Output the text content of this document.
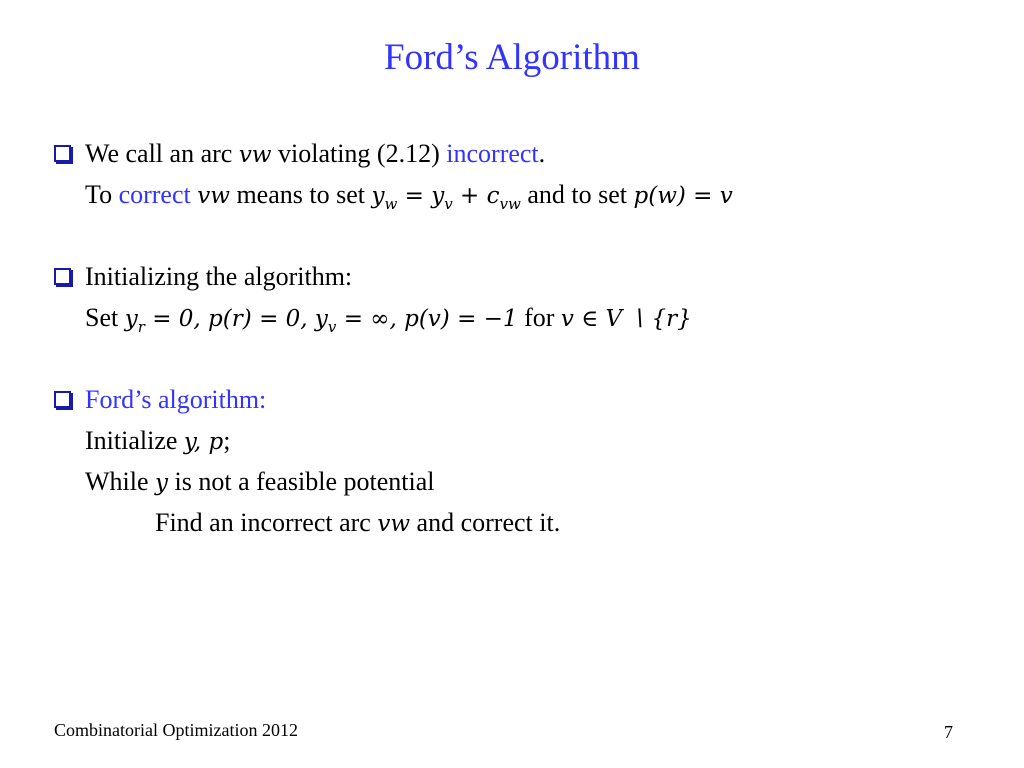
Ford’s Algorithm
We call an arc vw violating (2.12) incorrect.
To correct vw means to set $y_w = y_v + c_{vw}$ and to set p(w) = v
Initializing the algorithm:
Set $y_r = 0$, p(r) = 0, $y_v$ = ∞, p(v) = −1 for v ∈ V ∖ {r}
Ford’s algorithm:
Initialize y, p;
While y is not a feasible potential
Find an incorrect arc vw and correct it.
Combinatorial Optimization 2012	7
